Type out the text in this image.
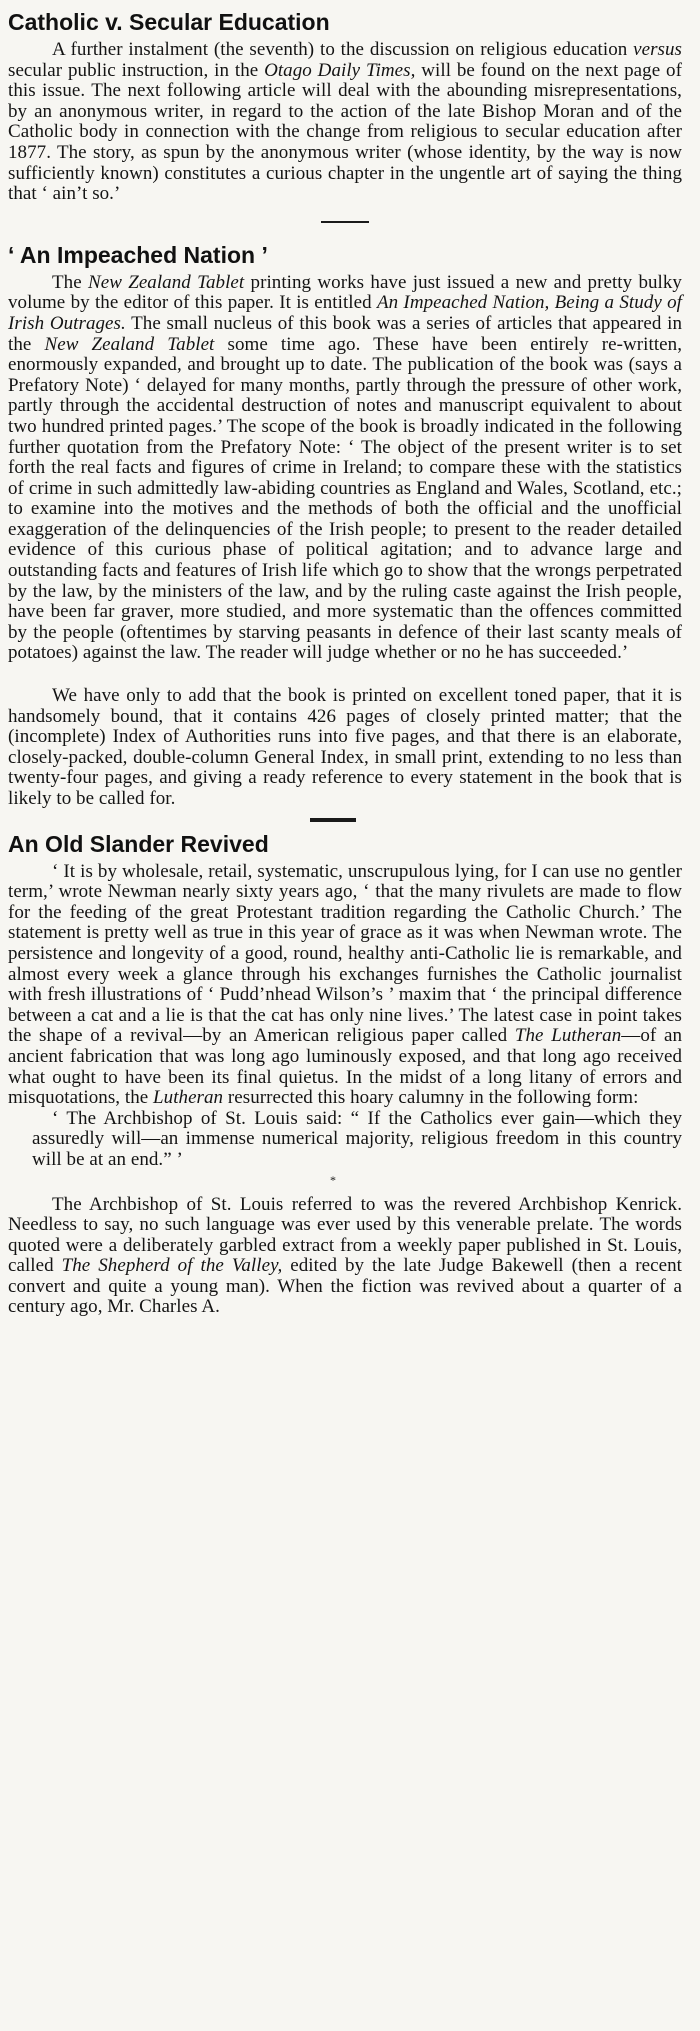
Catholic v. Secular Education

A further instalment (the seventh) to the discussion on religious education versus secular public instruction, in the Otago Daily Times, will be found on the next page of this issue. The next following article will deal with the abounding misrepresentations, by an anonymous writer, in regard to the action of the late Bishop Moran and of the Catholic body in connection with the change from religious to secular education after 1877. The story, as spun by the anonymous writer (whose identity, by the way is now sufficiently known) constitutes a curious chapter in the ungentle art of saying the thing that ‘ ain’t so.’

‘ An Impeached Nation ’

The New Zealand Tablet printing works have just issued a new and pretty bulky volume by the editor of this paper. It is entitled An Impeached Nation, Being a Study of Irish Outrages. The small nucleus of this book was a series of articles that appeared in the New Zealand Tablet some time ago. These have been entirely re-written, enormously expanded, and brought up to date. The publication of the book was (says a Prefatory Note) ‘ delayed for many months, partly through the pressure of other work, partly through the accidental destruction of notes and manuscript equivalent to about two hundred printed pages.’ The scope of the book is broadly indicated in the following further quotation from the Prefatory Note: ‘ The object of the present writer is to set forth the real facts and figures of crime in Ireland; to compare these with the statistics of crime in such admittedly law-abiding countries as England and Wales, Scotland, etc.; to examine into the motives and the methods of both the official and the unofficial exaggeration of the delinquencies of the Irish people; to present to the reader detailed evidence of this curious phase of political agitation; and to advance large and outstanding facts and features of Irish life which go to show that the wrongs perpetrated by the law, by the ministers of the law, and by the ruling caste against the Irish people, have been far graver, more studied, and more systematic than the offences committed by the people (oftentimes by starving peasants in defence of their last scanty meals of potatoes) against the law. The reader will judge whether or no he has succeeded.’

We have only to add that the book is printed on excellent toned paper, that it is handsomely bound, that it contains 426 pages of closely printed matter; that the (incomplete) Index of Authorities runs into five pages, and that there is an elaborate, closely-packed, double-column General Index, in small print, extending to no less than twenty-four pages, and giving a ready reference to every statement in the book that is likely to be called for.

An Old Slander Revived

‘ It is by wholesale, retail, systematic, unscrupulous lying, for I can use no gentler term,’ wrote Newman nearly sixty years ago, ‘ that the many rivulets are made to flow for the feeding of the great Protestant tradition regarding the Catholic Church.’ The statement is pretty well as true in this year of grace as it was when Newman wrote. The persistence and longevity of a good, round, healthy anti-Catholic lie is remarkable, and almost every week a glance through his exchanges furnishes the Catholic journalist with fresh illustrations of ‘ Pudd’nhead Wilson’s ’ maxim that ‘ the principal difference between a cat and a lie is that the cat has only nine lives.’ The latest case in point takes the shape of a revival—by an American religious paper called The Lutheran—of an ancient fabrication that was long ago luminously exposed, and that long ago received what ought to have been its final quietus. In the midst of a long litany of errors and misquotations, the Lutheran resurrected this hoary calumny in the following form:

‘ The Archbishop of St. Louis said: “ If the Catholics ever gain—which they assuredly will—an immense numerical majority, religious freedom in this country will be at an end.” ’

*

The Archbishop of St. Louis referred to was the revered Archbishop Kenrick. Needless to say, no such language was ever used by this venerable prelate. The words quoted were a deliberately garbled extract from a weekly paper published in St. Louis, called The Shepherd of the Valley, edited by the late Judge Bakewell (then a recent convert and quite a young man). When the fiction was revived about a quarter of a century ago, Mr. Charles A.
